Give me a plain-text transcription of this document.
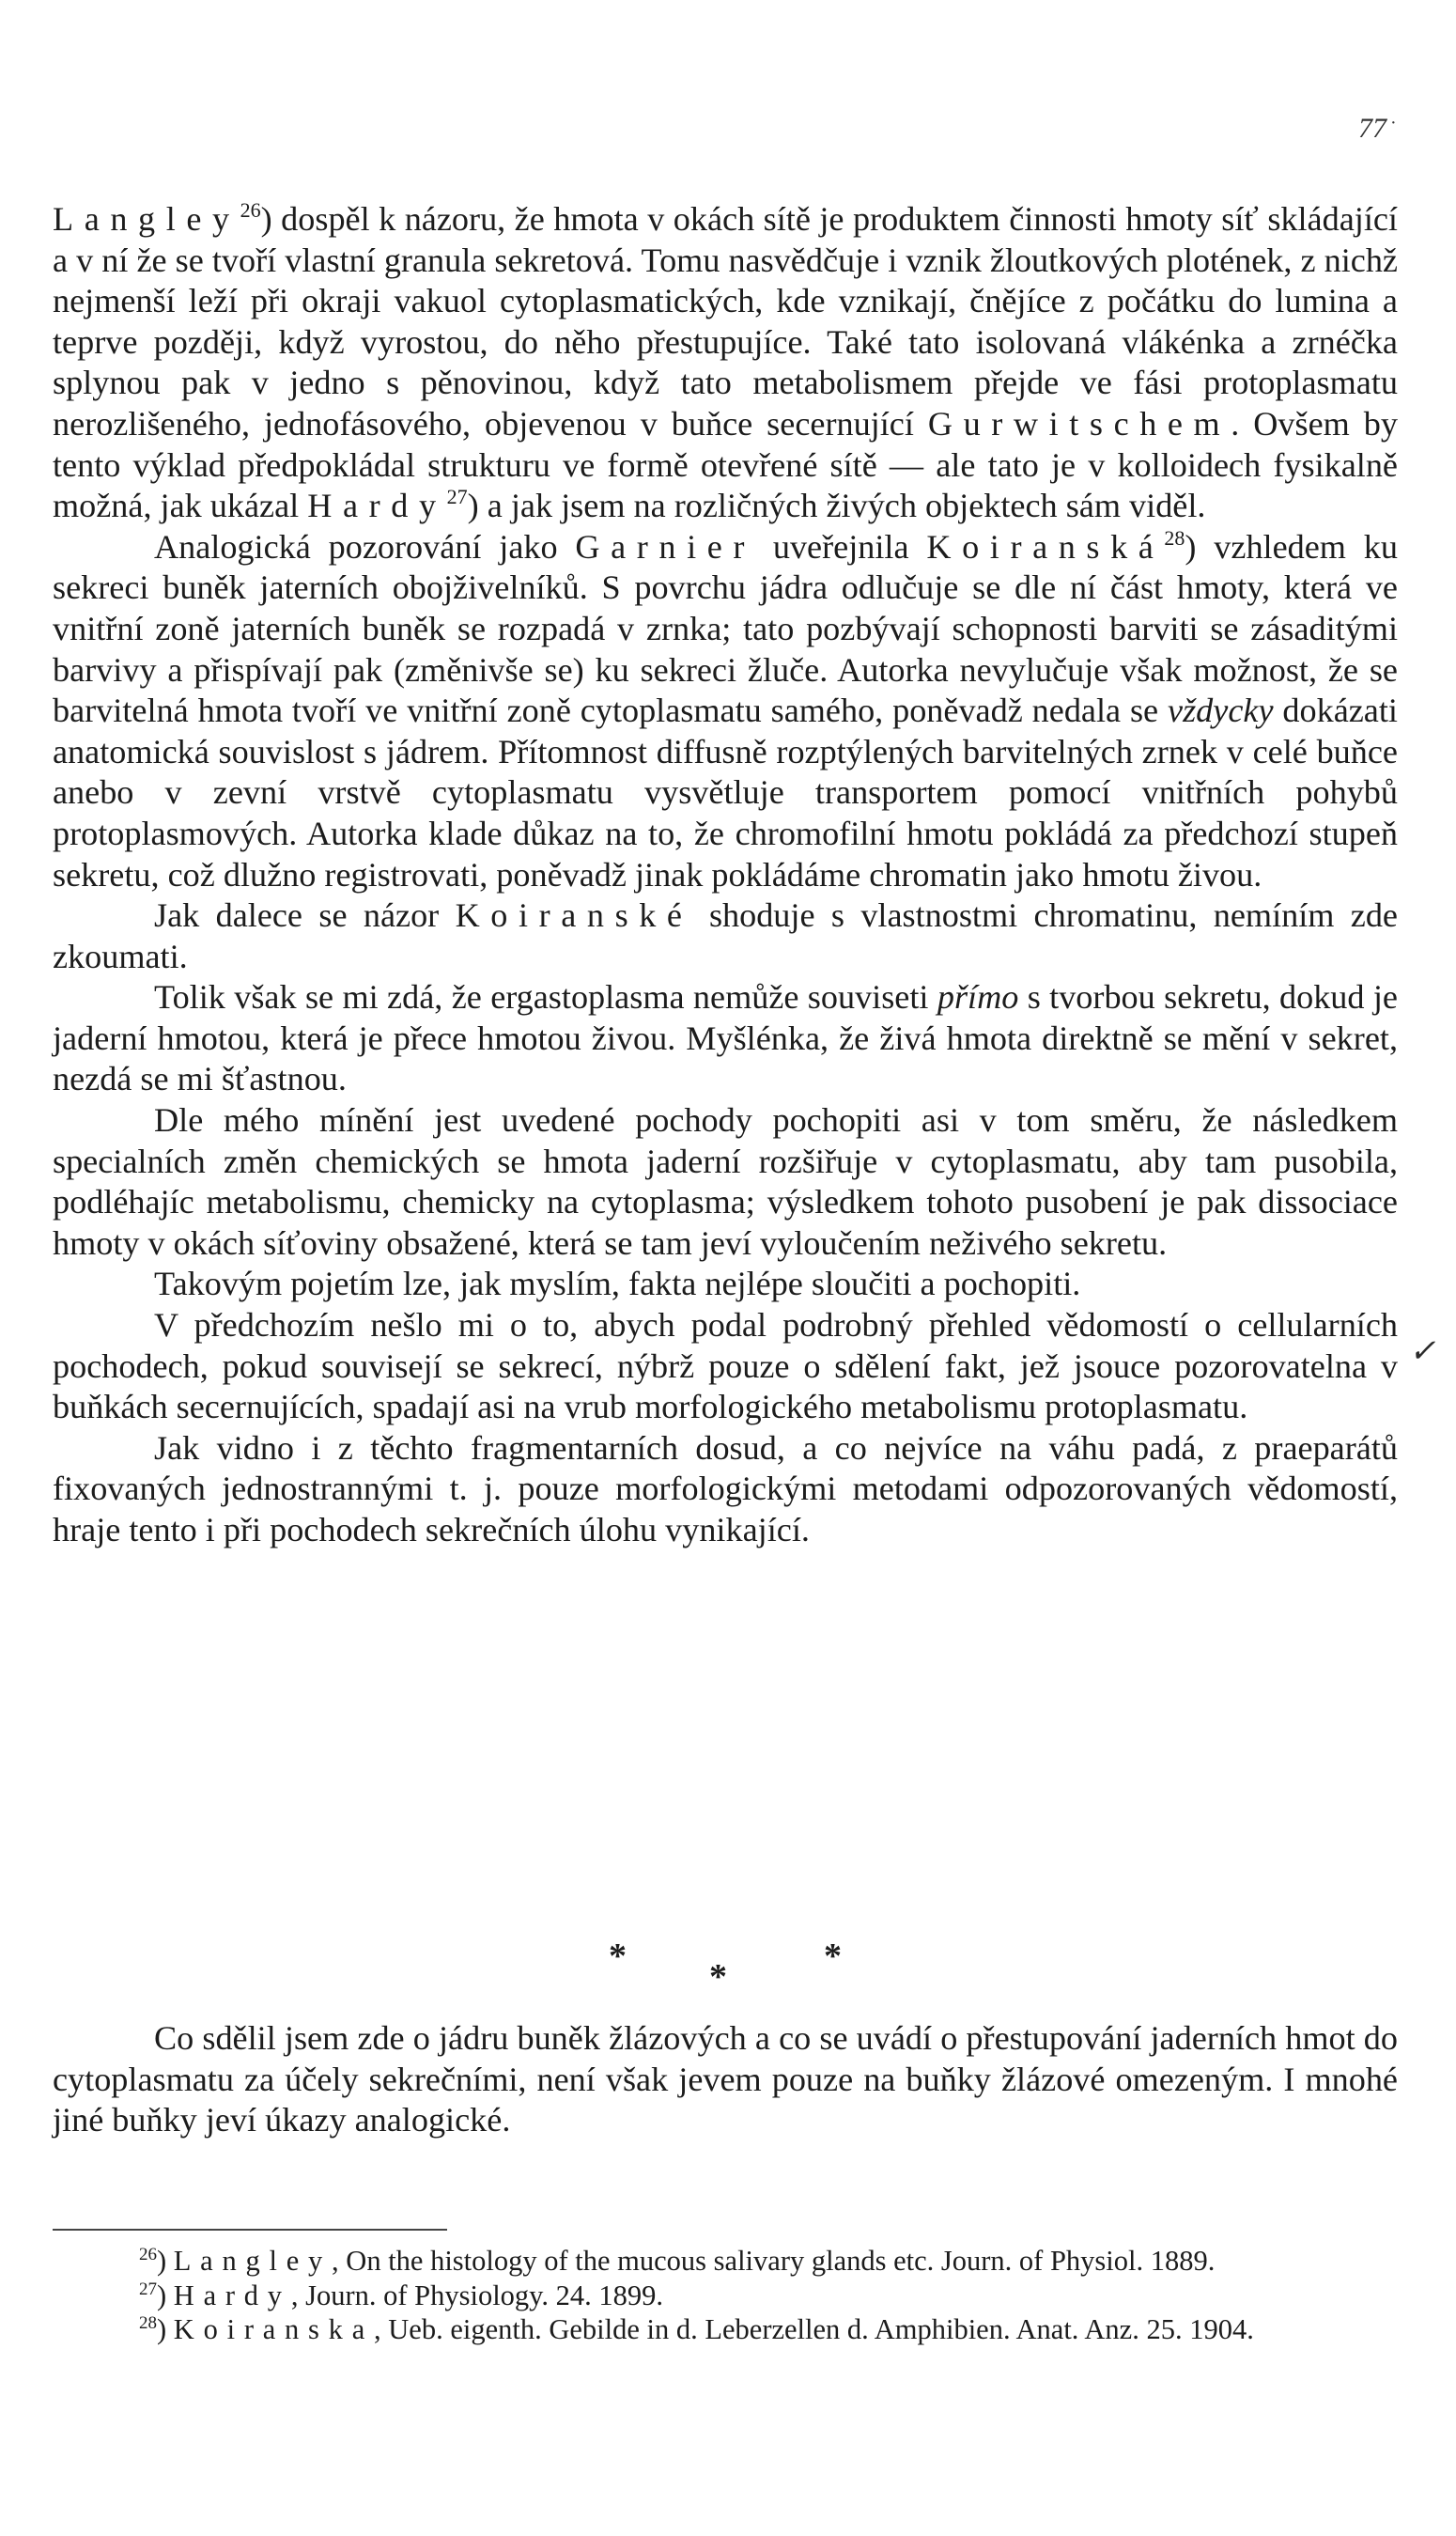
77 ·

Langley$^{26}$) dospěl k názoru, že hmota v okách sítě je produktem činnosti hmoty síť skládající a v ní že se tvoří vlastní granula sekretová. Tomu nasvědčuje i vznik žloutkových plotének, z nichž nejmenší leží při okraji vakuol cytoplasmatických, kde vznikají, čnějíce z počátku do lumina a teprve později, když vyrostou, do něho přestupujíce. Také tato isolovaná vlákénka a zrnéčka splynou pak v jedno s pěnovinou, když tato metabolismem přejde ve fási protoplasmatu nerozlišeného, jednofásového, objevenou v buňce secernující Gurwitschem. Ovšem by tento výklad předpokládal strukturu ve formě otevřené sítě — ale tato je v kolloidech fysikalně možná, jak ukázal Hardy$^{27}$) a jak jsem na rozličných živých objektech sám viděl.

Analogická pozorování jako Garnier uveřejnila Koiranská$^{28}$) vzhledem ku sekreci buněk jaterních obojživelníků. S povrchu jádra odlučuje se dle ní část hmoty, která ve vnitřní zoně jaterních buněk se rozpadá v zrnka; tato pozbývají schopnosti barviti se zásaditými barvivy a přispívají pak (změnivše se) ku sekreci žluče. Autorka nevylučuje však možnost, že se barvitelná hmota tvoří ve vnitřní zoně cytoplasmatu samého, poněvadž nedala se vždycky dokázati anatomická souvislost s jádrem. Přítomnost diffusně rozptýlených barvitelných zrnek v celé buňce anebo v zevní vrstvě cytoplasmatu vysvětluje transportem pomocí vnitřních pohybů protoplasmových. Autorka klade důkaz na to, že chromofilní hmotu pokládá za předchozí stupeň sekretu, což dlužno registrovati, poněvadž jinak pokládáme chromatin jako hmotu živou.

Jak dalece se názor Koiranské shoduje s vlastnostmi chromatinu, nemíním zde zkoumati.

Tolik však se mi zdá, že ergastoplasma nemůže souviseti přímo s tvorbou sekretu, dokud je jaderní hmotou, která je přece hmotou živou. Myšlénka, že živá hmota direktně se mění v sekret, nezdá se mi šťastnou.

Dle mého mínění jest uvedené pochody pochopiti asi v tom směru, že následkem specialních změn chemických se hmota jaderní rozšiřuje v cytoplasmatu, aby tam pusobila, podléhajíc metabolismu, chemicky na cytoplasma; výsledkem tohoto pusobení je pak dissociace hmoty v okách síťoviny obsažené, která se tam jeví vyloučením neživého sekretu.

Takovým pojetím lze, jak myslím, fakta nejlépe sloučiti a pochopiti.

V předchozím nešlo mi o to, abych podal podrobný přehled vědomostí o cellularních pochodech, pokud souvisejí se sekrecí, nýbrž pouze o sdělení fakt, jež jsouce pozorovatelna v buňkách secernujících, spadají asi na vrub morfologického metabolismu protoplasmatu.

Jak vidno i z těchto fragmentarních dosud, a co nejvíce na váhu padá, z praeparátů fixovaných jednostrannými t. j. pouze morfologickými metodami odpozorovaných vědomostí, hraje tento i při pochodech sekrečních úlohu vynikající.

✓
*
*
*

Co sdělil jsem zde o jádru buněk žlázových a co se uvádí o přestupování jaderních hmot do cytoplasmatu za účely sekrečními, není však jevem pouze na buňky žlázové omezeným. I mnohé jiné buňky jeví úkazy analogické.

$^{26}$) Langley, On the histology of the mucous salivary glands etc. Journ. of Physiol. 1889.

$^{27}$) Hardy, Journ. of Physiology. 24. 1899.

$^{28}$) Koiranska, Ueb. eigenth. Gebilde in d. Leberzellen d. Amphibien. Anat. Anz. 25. 1904.
